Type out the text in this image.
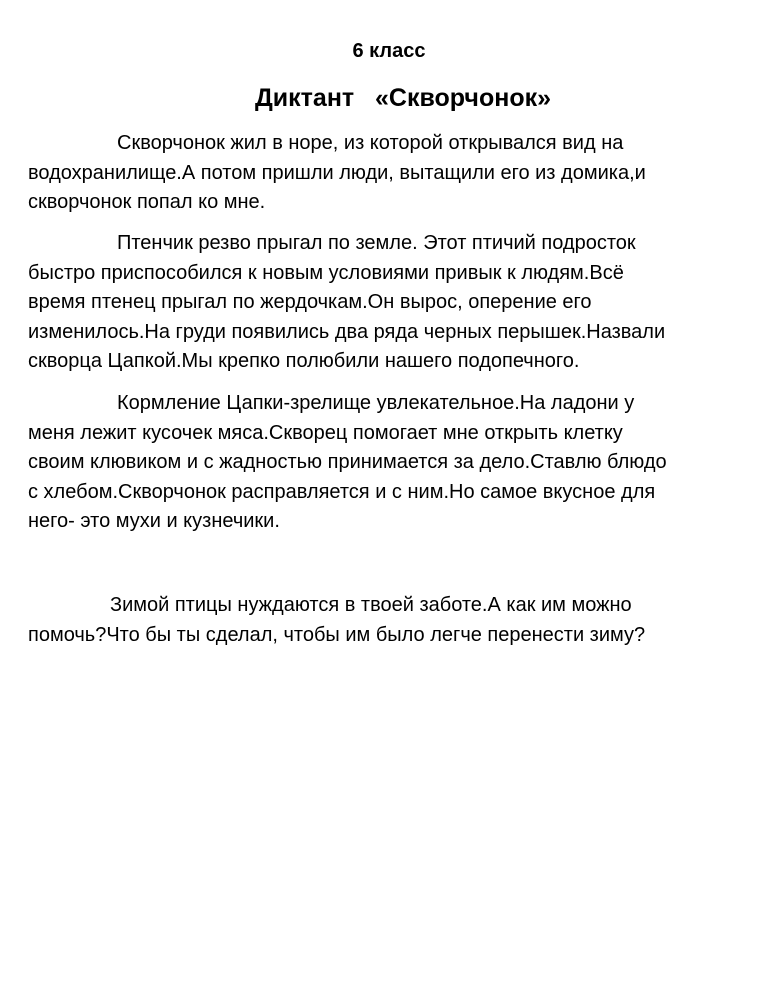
6 класс
Диктант   «Скворчонок»
Скворчонок жил в норе, из которой открывался вид на
водохранилище.А потом пришли люди, вытащили его из домика,и
скворчонок попал ко мне.
Птенчик резво прыгал по земле. Этот птичий подросток
быстро приспособился к новым условиями привык к людям.Всё
время птенец прыгал по жердочкам.Он вырос, оперение его
изменилось.На груди появились два ряда черных перышек.Назвали
скворца Цапкой.Мы крепко полюбили нашего подопечного.
Кормление Цапки-зрелище увлекательное.На ладони у
меня лежит кусочек мяса.Скворец помогает мне открыть клетку
своим клювиком и с жадностью принимается за дело.Ставлю блюдо
с хлебом.Скворчонок расправляется и с ним.Но самое вкусное для
него- это мухи и кузнечики.
Зимой птицы нуждаются в твоей заботе.А как им можно
помочь?Что бы ты сделал, чтобы им было легче перенести зиму?
